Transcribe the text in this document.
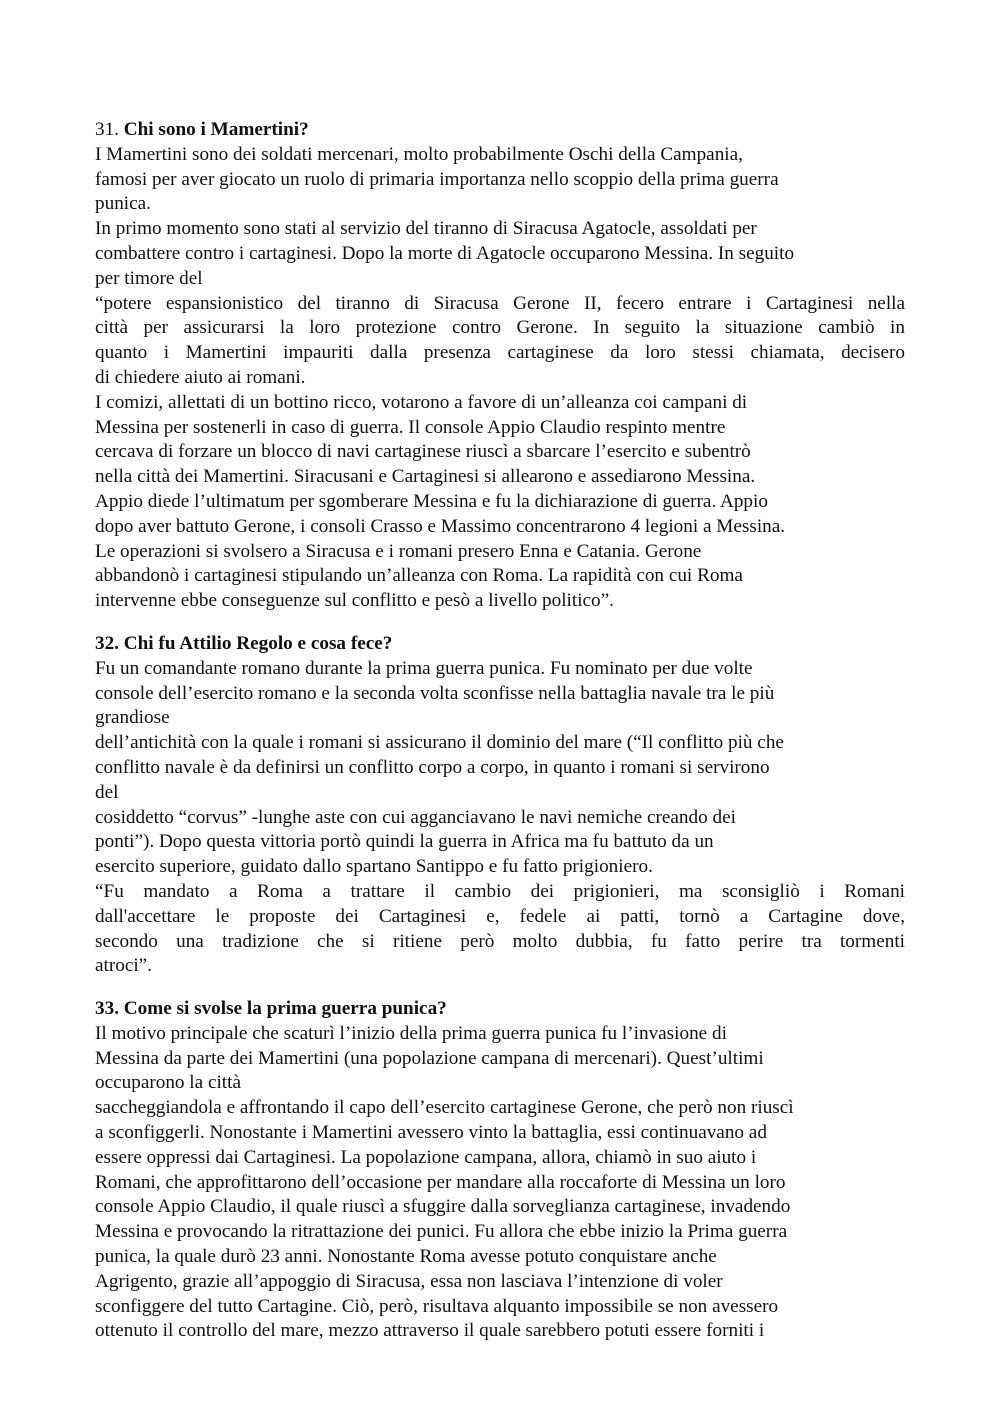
31. Chi sono i Mamertini?
I Mamertini sono dei soldati mercenari, molto probabilmente Oschi della Campania,
famosi per aver giocato un ruolo di primaria importanza nello scoppio della prima guerra
punica.
In primo momento sono stati al servizio del tiranno di Siracusa Agatocle, assoldati per
combattere contro i cartaginesi. Dopo la morte di Agatocle occuparono Messina. In seguito
per timore del
“potere espansionistico del tiranno di Siracusa Gerone II, fecero entrare i Cartaginesi nella
città per assicurarsi la loro protezione contro Gerone. In seguito la situazione cambiò in
quanto i Mamertini impauriti dalla presenza cartaginese da loro stessi chiamata, decisero
di chiedere aiuto ai romani.
I comizi, allettati di un bottino ricco, votarono a favore di un’alleanza coi campani di
Messina per sostenerli in caso di guerra. Il console Appio Claudio respinto mentre
cercava di forzare un blocco di navi cartaginese riuscì a sbarcare l’esercito e subentrò
nella città dei Mamertini. Siracusani e Cartaginesi si allearono e assediarono Messina.
Appio diede l’ultimatum per sgomberare Messina e fu la dichiarazione di guerra. Appio
dopo aver battuto Gerone, i consoli Crasso e Massimo concentrarono 4 legioni a Messina.
Le operazioni si svolsero a Siracusa e i romani presero Enna e Catania. Gerone
abbandonò i cartaginesi stipulando un’alleanza con Roma. La rapidità con cui Roma
intervenne ebbe conseguenze sul conflitto e pesò a livello politico”.
32. Chi fu Attilio Regolo e cosa fece?
Fu un comandante romano durante la prima guerra punica. Fu nominato per due volte
console dell’esercito romano e la seconda volta sconfisse nella battaglia navale tra le più
grandiose
dell’antichità con la quale i romani si assicurano il dominio del mare (“Il conflitto più che
conflitto navale è da definirsi un conflitto corpo a corpo, in quanto i romani si servirono
del
cosiddetto “corvus” -lunghe aste con cui agganciavano le navi nemiche creando dei
ponti”). Dopo questa vittoria portò quindi la guerra in Africa ma fu battuto da un
esercito superiore, guidato dallo spartano Santippo e fu fatto prigioniero.
“Fu mandato a Roma a trattare il cambio dei prigionieri, ma sconsigliò i Romani
dall'accettare le proposte dei Cartaginesi e, fedele ai patti, tornò a Cartagine dove,
secondo una tradizione che si ritiene però molto dubbia, fu fatto perire tra tormenti
atroci”.
33. Come si svolse la prima guerra punica?
Il motivo principale che scaturì l’inizio della prima guerra punica fu l’invasione di
Messina da parte dei Mamertini (una popolazione campana di mercenari). Quest’ultimi
occuparono la città
saccheggiandola e affrontando il capo dell’esercito cartaginese Gerone, che però non riuscì
a sconfiggerli. Nonostante i Mamertini avessero vinto la battaglia, essi continuavano ad
essere oppressi dai Cartaginesi. La popolazione campana, allora, chiamò in suo aiuto i
Romani, che approfittarono dell’occasione per mandare alla roccaforte di Messina un loro
console Appio Claudio, il quale riuscì a sfuggire dalla sorveglianza cartaginese, invadendo
Messina e provocando la ritrattazione dei punici. Fu allora che ebbe inizio la Prima guerra
punica, la quale durò 23 anni. Nonostante Roma avesse potuto conquistare anche
Agrigento, grazie all’appoggio di Siracusa, essa non lasciava l’intenzione di voler
sconfiggere del tutto Cartagine. Ciò, però, risultava alquanto impossibile se non avessero
ottenuto il controllo del mare, mezzo attraverso il quale sarebbero potuti essere forniti i
